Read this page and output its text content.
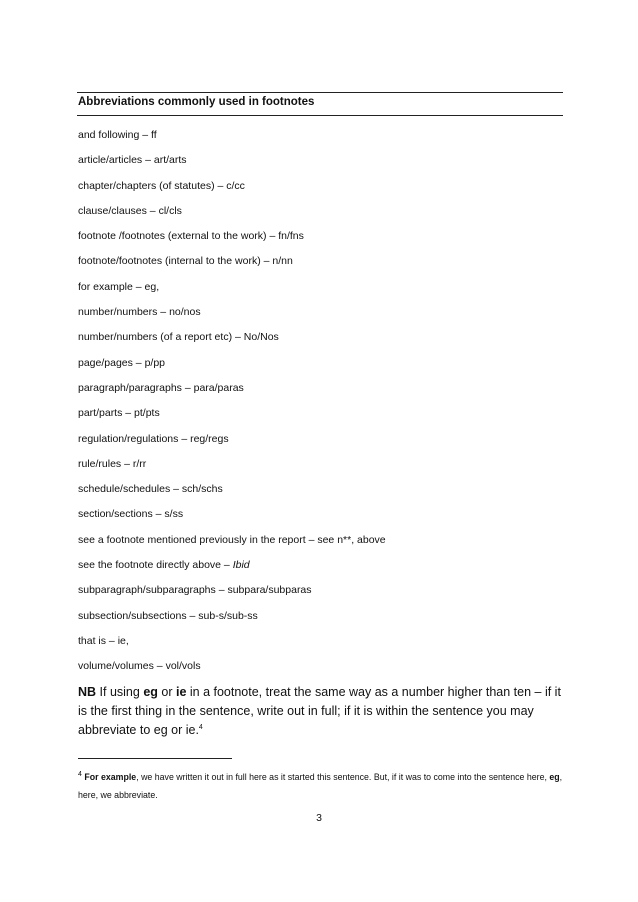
Abbreviations commonly used in footnotes
and following – ff
article/articles – art/arts
chapter/chapters (of statutes) – c/cc
clause/clauses – cl/cls
footnote /footnotes (external to the work) – fn/fns
footnote/footnotes (internal to the work) – n/nn
for example – eg,
number/numbers – no/nos
number/numbers (of a report etc) – No/Nos
page/pages – p/pp
paragraph/paragraphs – para/paras
part/parts – pt/pts
regulation/regulations – reg/regs
rule/rules – r/rr
schedule/schedules – sch/schs
section/sections – s/ss
see a footnote mentioned previously in the report – see n**, above
see the footnote directly above – Ibid
subparagraph/subparagraphs – subpara/subparas
subsection/subsections – sub-s/sub-ss
that is – ie,
volume/volumes – vol/vols
NB If using eg or ie in a footnote, treat the same way as a number higher than ten – if it is the first thing in the sentence, write out in full; if it is within the sentence you may abbreviate to eg or ie.$^4$
$^4$ For example, we have written it out in full here as it started this sentence. But, if it was to come into the sentence here, eg, here, we abbreviate.
3
